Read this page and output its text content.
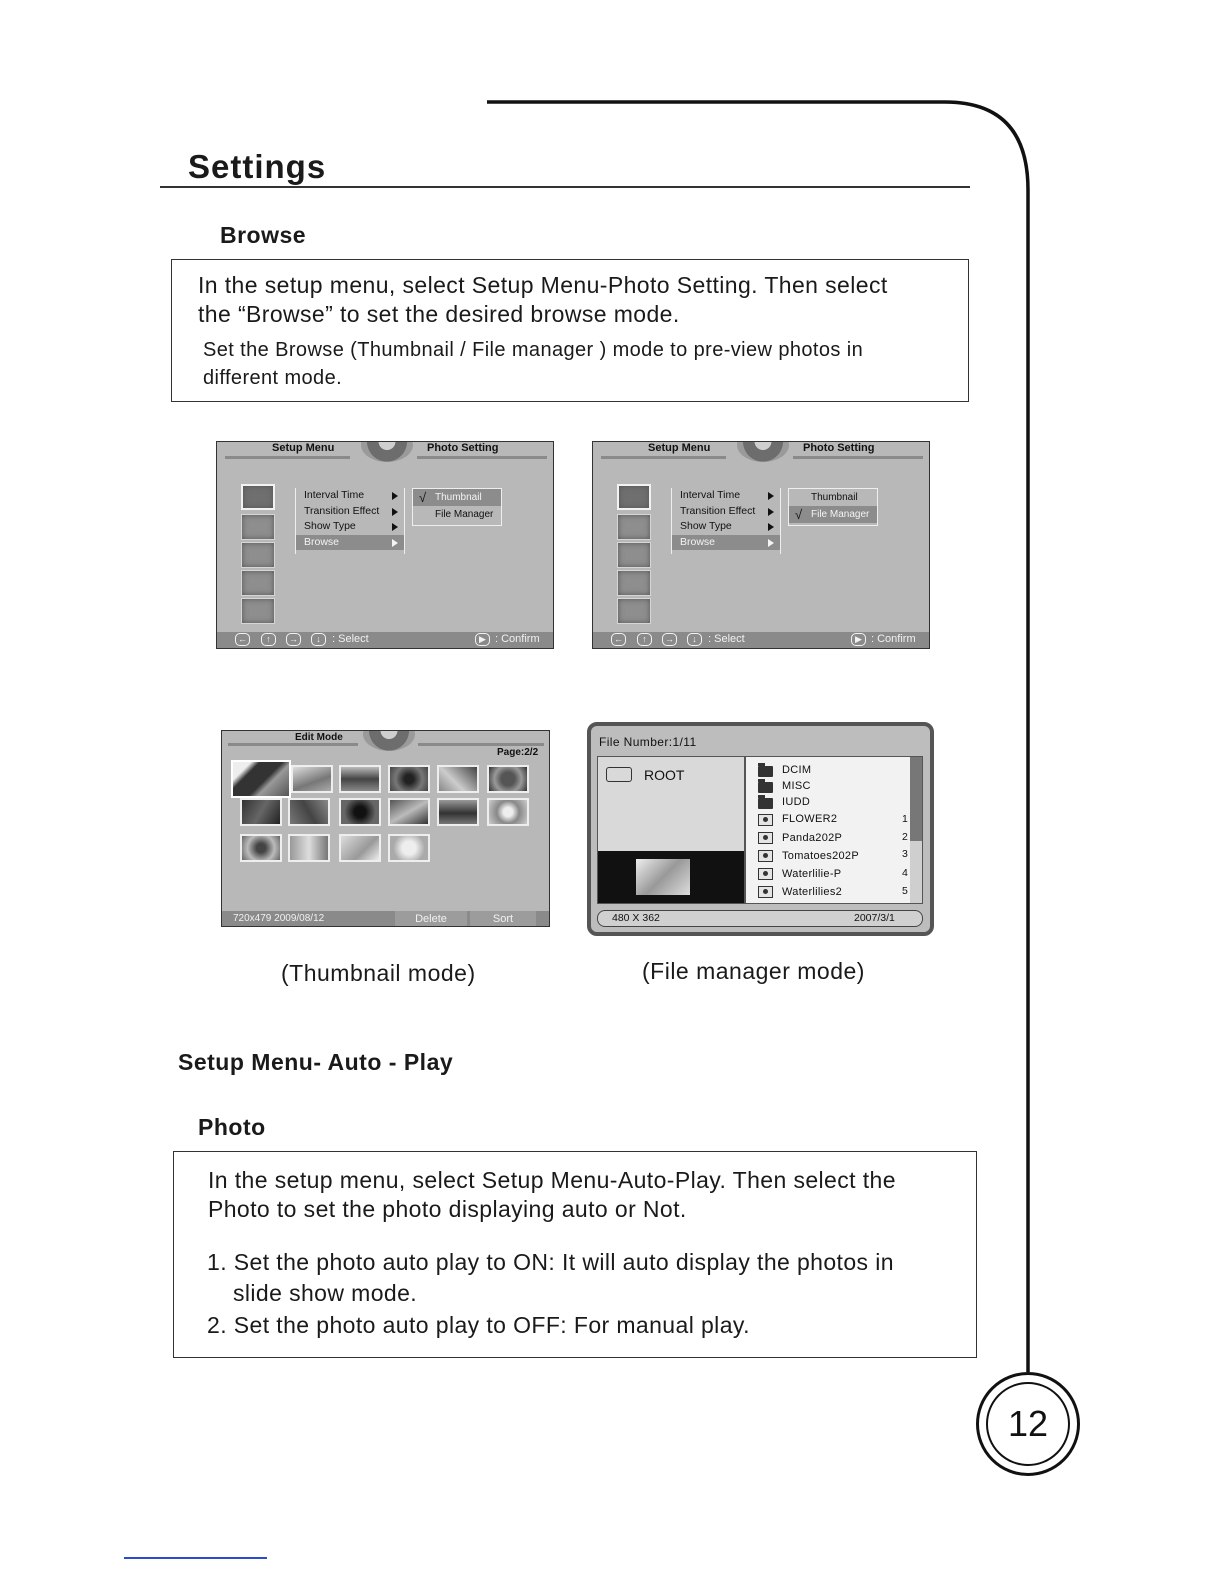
Settings
Browse
In the setup menu, select Setup Menu-Photo Setting. Then select
the “Browse” to set the desired browse mode.
Set the Browse (Thumbnail / File manager ) mode to pre-view photos in
different mode.
Setup Menu	Photo Setting
Interval Time
Transition Effect
Show Type
Browse
√ Thumbnail
File Manager
←	↑	→	↓	: Select	▶ : Confirm
Setup Menu	Photo Setting
Interval Time
Transition Effect
Show Type
Browse
Thumbnail
√ File Manager
←	↑	→	↓	: Select	▶ : Confirm
Edit Mode
Page:2/2
720x479 2009/08/12	Delete	Sort
File Number:1/11
ROOT	DCIM
MISC
IUDD
FLOWER2	1
Panda202P	2
Tomatoes202P	3
Waterlilie-P	4
Waterlilies2	5
480 X 362	2007/3/1
(Thumbnail mode)	(File manager mode)
Setup Menu- Auto - Play
Photo
In the setup menu, select Setup Menu-Auto-Play. Then select the
Photo to set the photo displaying auto or Not.
1. Set the photo auto play to ON: It will auto display the photos in
slide show mode.
2. Set the photo auto play to OFF: For manual play.
12
